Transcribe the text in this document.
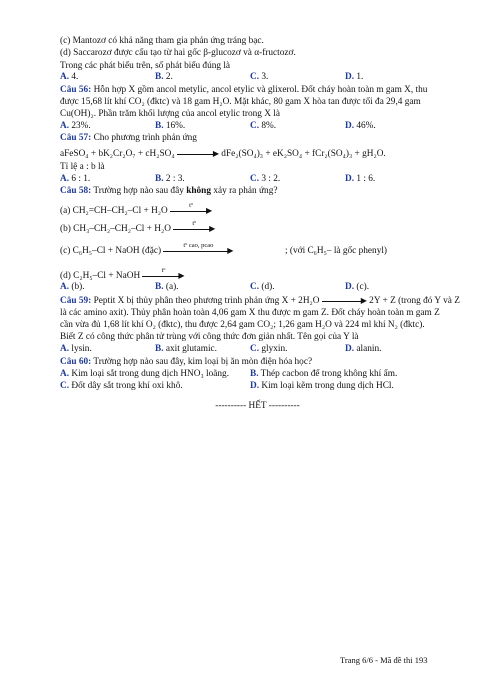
(c) Mantozơ có khả năng tham gia phản ứng tráng bạc.
(d) Saccarozơ được cấu tạo từ hai gốc β-glucozơ và α-fructozơ.
Trong các phát biểu trên, số phát biểu đúng là
A. 4.	B. 2.	C. 3.	D. 1.
Câu 56: Hỗn hợp X gồm ancol metylic, ancol etylic và glixerol. Đốt cháy hoàn toàn m gam X, thu
được 15,68 lít khí CO₂ (đktc) và 18 gam H₂O. Mặt khác, 80 gam X hòa tan được tối đa 29,4 gam
Cu(OH)₂. Phần trăm khối lượng của ancol etylic trong X là
A. 23%.	B. 16%.	C. 8%.	D. 46%.
Câu 57: Cho phương trình phản ứng
aFeSO₄ + bK₂Cr₂O₇ + cH₂SO₄	▶ dFe₂(SO₄)₃ + eK₂SO₄ + fCr₂(SO₄)₃ + gH₂O.
Tỉ lệ a : b là
A. 6 : 1.	B. 2 : 3.	C. 3 : 2.	D. 1 : 6.
Câu 58: Trường hợp nào sau đây không xảy ra phản ứng?
(a) CH₂=CH–CH₂–Cl + H₂O
tº
▶
(b) CH₃–CH₂–CH₂–Cl + H₂O
tº
▶
(c) C₆H₅–Cl + NaOH (đặc)
tº cao, pcao
▶	; (với C₆H₅– là gốc phenyl)
(d) C₂H₅–Cl + NaOH
tº
▶
A. (b).	B. (a).	C. (d).	D. (c).
Câu 59: Peptit X bị thủy phân theo phương trình phản ứng X + 2H₂O	▶ 2Y + Z (trong đó Y và Z
là các amino axit). Thủy phân hoàn toàn 4,06 gam X thu được m gam Z. Đốt cháy hoàn toàn m gam Z
cần vừa đủ 1,68 lít khí O₂ (đktc), thu được 2,64 gam CO₂; 1,26 gam H₂O và 224 ml khí N₂ (đktc).
Biết Z có công thức phân tử trùng với công thức đơn giản nhất. Tên gọi của Y là
A. lysin.	B. axit glutamic.	C. glyxin.	D. alanin.
Câu 60: Trường hợp nào sau đây, kim loại bị ăn mòn điện hóa học?
A. Kim loại sắt trong dung dịch HNO₃ loãng. B. Thép cacbon để trong không khí ẩm.
C. Đốt dây sắt trong khí oxi khô.	D. Kim loại kẽm trong dung dịch HCl.
---------- HẾT ----------
Trang 6/6 - Mã đề thi 193
